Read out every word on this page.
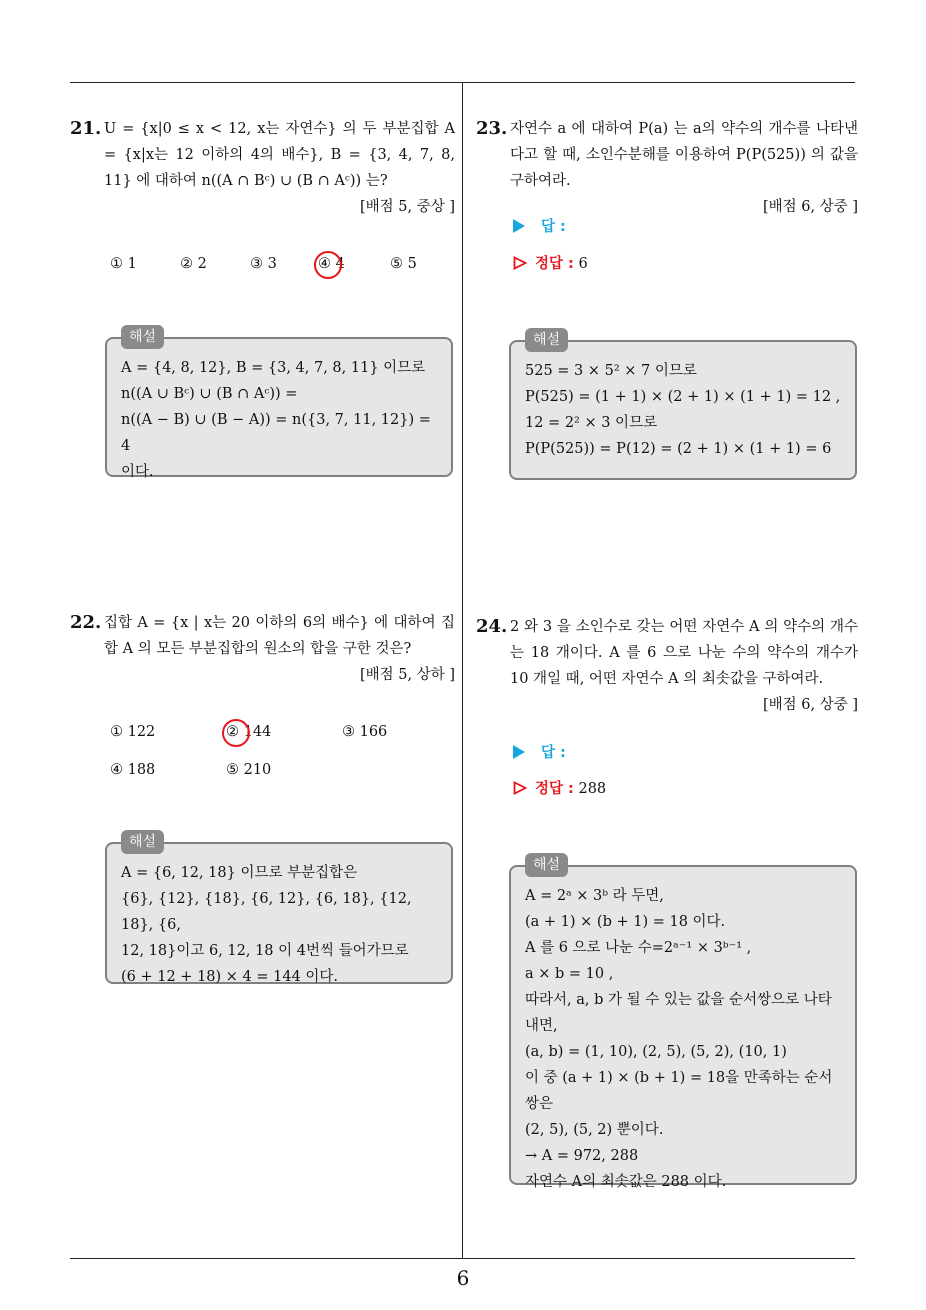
6
21. U = {x|0 ≤ x < 12, x는 자연수} 의 두 부분집합 A = {x|x는 12 이하의 4의 배수}, B = {3, 4, 7, 8, 11} 에 대하여 n((A ∩ Bᶜ) ∪ (B ∩ Aᶜ)) 는?
[배점 5, 중상 ]
① 1	② 2	③ 3	④ 4	⑤ 5
해설
A = {4, 8, 12}, B = {3, 4, 7, 8, 11} 이므로
n((A ∪ Bᶜ) ∪ (B ∩ Aᶜ)) =
n((A − B) ∪ (B − A)) = n({3, 7, 11, 12}) = 4
이다.
22. 집합 A = {x | x는 20 이하의 6의 배수} 에 대하여 집합 A 의 모든 부분집합의 원소의 합을 구한 것은?
[배점 5, 상하 ]
① 122	② 144	③ 166
④ 188	⑤ 210
해설
A = {6, 12, 18} 이므로 부분집합은
{6}, {12}, {18}, {6, 12}, {6, 18}, {12, 18}, {6,
12, 18}이고 6, 12, 18 이 4번씩 들어가므로
(6 + 12 + 18) × 4 = 144 이다.
23. 자연수 a 에 대하여 P(a) 는 a의 약수의 개수를 나타낸다고 할 때, 소인수분해를 이용하여 P(P(525)) 의 값을 구하여라.
[배점 6, 상중 ]
답 :
정답 : 6
해설
525 = 3 × 5² × 7 이므로
P(525) = (1 + 1) × (2 + 1) × (1 + 1) = 12 ,
12 = 2² × 3 이므로
P(P(525)) = P(12) = (2 + 1) × (1 + 1) = 6
24. 2 와 3 을 소인수로 갖는 어떤 자연수 A 의 약수의 개수는 18 개이다. A 를 6 으로 나눈 수의 약수의 개수가 10 개일 때, 어떤 자연수 A 의 최솟값을 구하여라.
[배점 6, 상중 ]
답 :
정답 : 288
해설
A = 2ᵃ × 3ᵇ 라 두면,
(a + 1) × (b + 1) = 18 이다.
A 를 6 으로 나눈 수=2ᵃ⁻¹ × 3ᵇ⁻¹ ,
a × b = 10 ,
따라서, a, b 가 될 수 있는 값을 순서쌍으로 나타
내면,
(a, b) = (1, 10), (2, 5), (5, 2), (10, 1)
이 중 (a + 1) × (b + 1) = 18을 만족하는 순서쌍은
(2, 5), (5, 2) 뿐이다.
→ A = 972, 288
자연수 A의 최솟값은 288 이다.
